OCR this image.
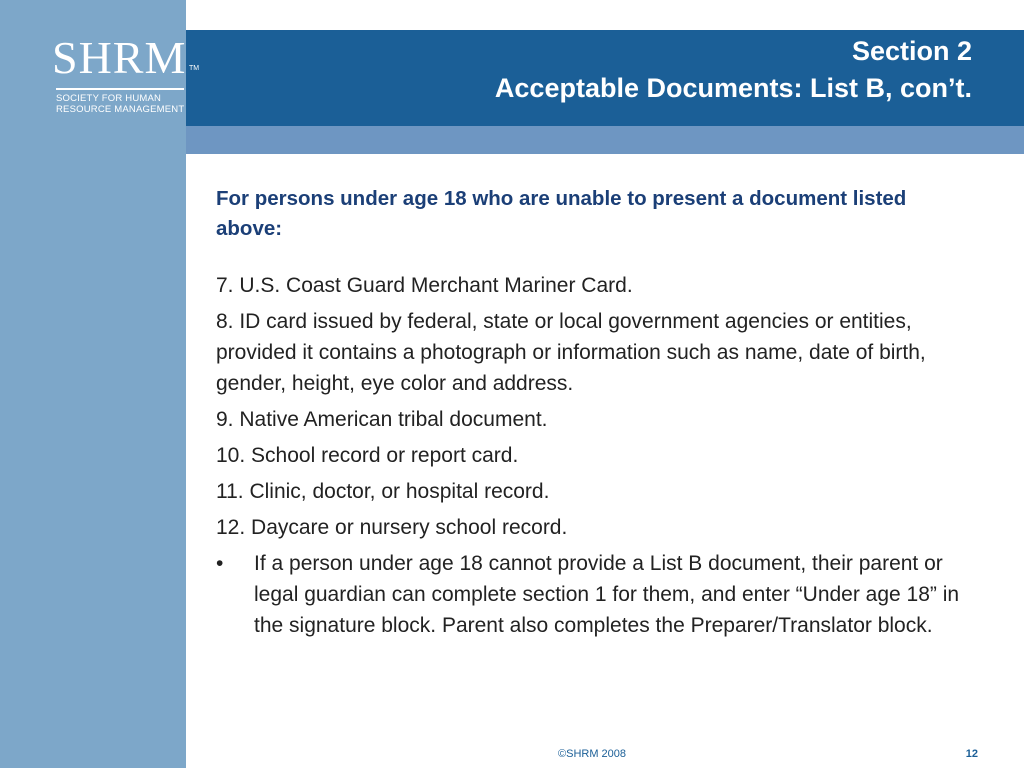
SHRM TM
SOCIETY FOR HUMAN
RESOURCE MANAGEMENT
Section 2
Acceptable Documents: List B, con’t.

For persons under age 18 who are unable to present a document listed above:

7. U.S. Coast Guard Merchant Mariner Card.
8. ID card issued by federal, state or local government agencies or entities, provided it contains a photograph or information such as name, date of birth, gender, height, eye color and address.
9. Native American tribal document.
10. School record or report card.
11. Clinic, doctor, or hospital record.
12. Daycare or nursery school record.
• If a person under age 18 cannot provide a List B document, their parent or legal guardian can complete section 1 for them, and enter “Under age 18” in the signature block. Parent also completes the Preparer/Translator block.
©SHRM 2008	12
